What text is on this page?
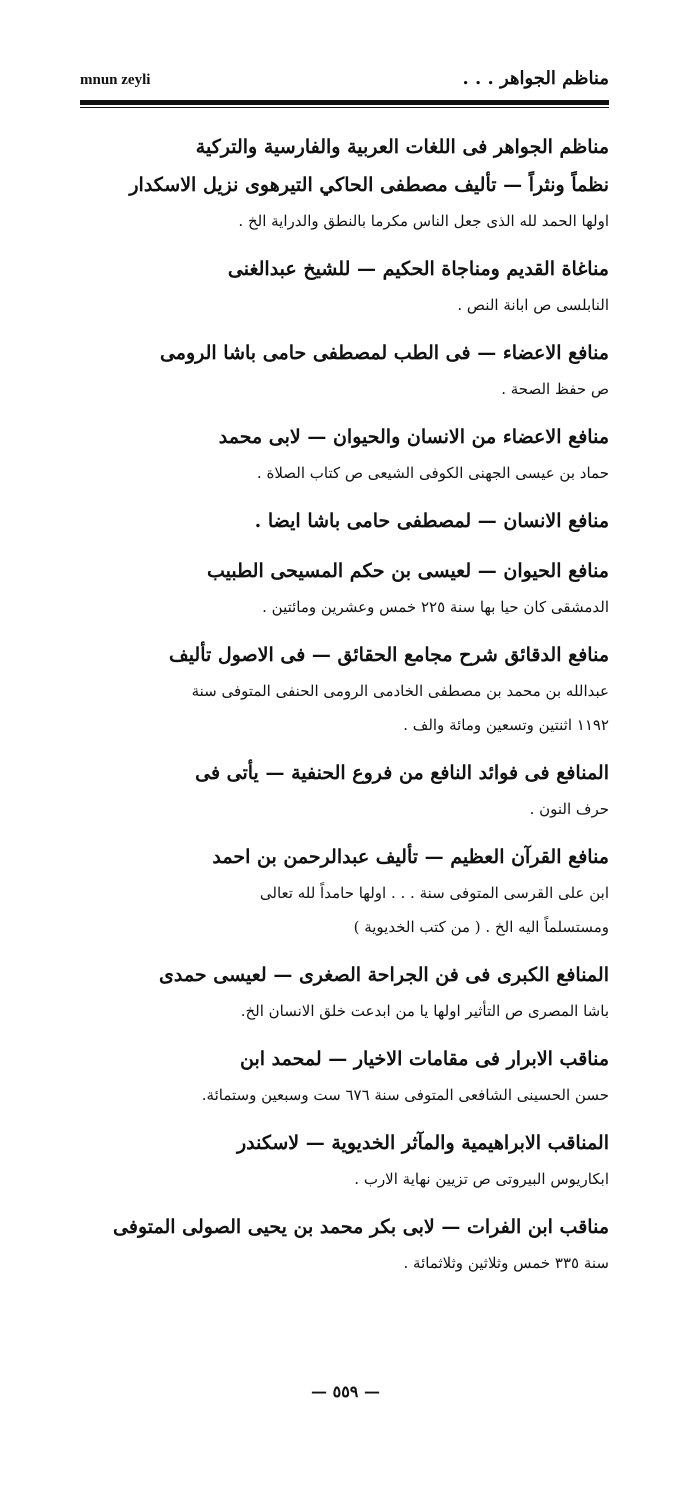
mnun zeyli	مناظم الجواهر . . .
مناظم الجواهر فى اللغات العربية والفارسية والتركية
نظماً ونثراً — تأليف مصطفى الحاكي التيرهوى نزيل الاسكدار
اولها الحمد لله الذى جعل الناس مكرما بالنطق والدراية الخ .
مناغاة القديم ومناجاة الحكيم — للشيخ عبدالغنى
النابلسى ص ابانة النص .
منافع الاعضاء — فى الطب لمصطفى حامى باشا الرومى
ص حفظ الصحة .
منافع الاعضاء من الانسان والحيوان — لابى محمد
حماد بن عيسى الجهنى الكوفى الشيعى ص كتاب الصلاة .
منافع الانسان — لمصطفى حامى باشا ايضا .
منافع الحيوان — لعيسى بن حكم المسيحى الطبيب
الدمشقى كان حيا بها سنة ٢٢٥ خمس وعشرين ومائتين .
منافع الدقائق شرح مجامع الحقائق — فى الاصول تأليف
عبدالله بن محمد بن مصطفى الخادمى الرومى الحنفى المتوفى سنة
١١٩٢ اثنتين وتسعين ومائة والف .
المنافع فى فوائد النافع من فروع الحنفية — يأتى فى
حرف النون .
منافع القرآن العظيم — تأليف عبدالرحمن بن احمد
ابن على القرسى المتوفى سنة . . . اولها حامداً لله تعالى
ومستسلماً اليه الخ . ( من كتب الخديوية )
المنافع الكبرى فى فن الجراحة الصغرى — لعيسى حمدى
باشا المصرى ص التأثير اولها يا من ابدعت خلق الانسان الخ.
مناقب الابرار فى مقامات الاخيار — لمحمد ابن
حسن الحسينى الشافعى المتوفى سنة ٦٧٦ ست وسبعين وستمائة.
المناقب الابراهيمية والمآثر الخديوية — لاسكندر
ابكاريوس البيروتى ص تزيين نهاية الارب .
مناقب ابن الفرات — لابى بكر محمد بن يحيى الصولى المتوفى
سنة ٣٣٥ خمس وثلاثين وثلاثمائة .
— ٥٥٩ —
